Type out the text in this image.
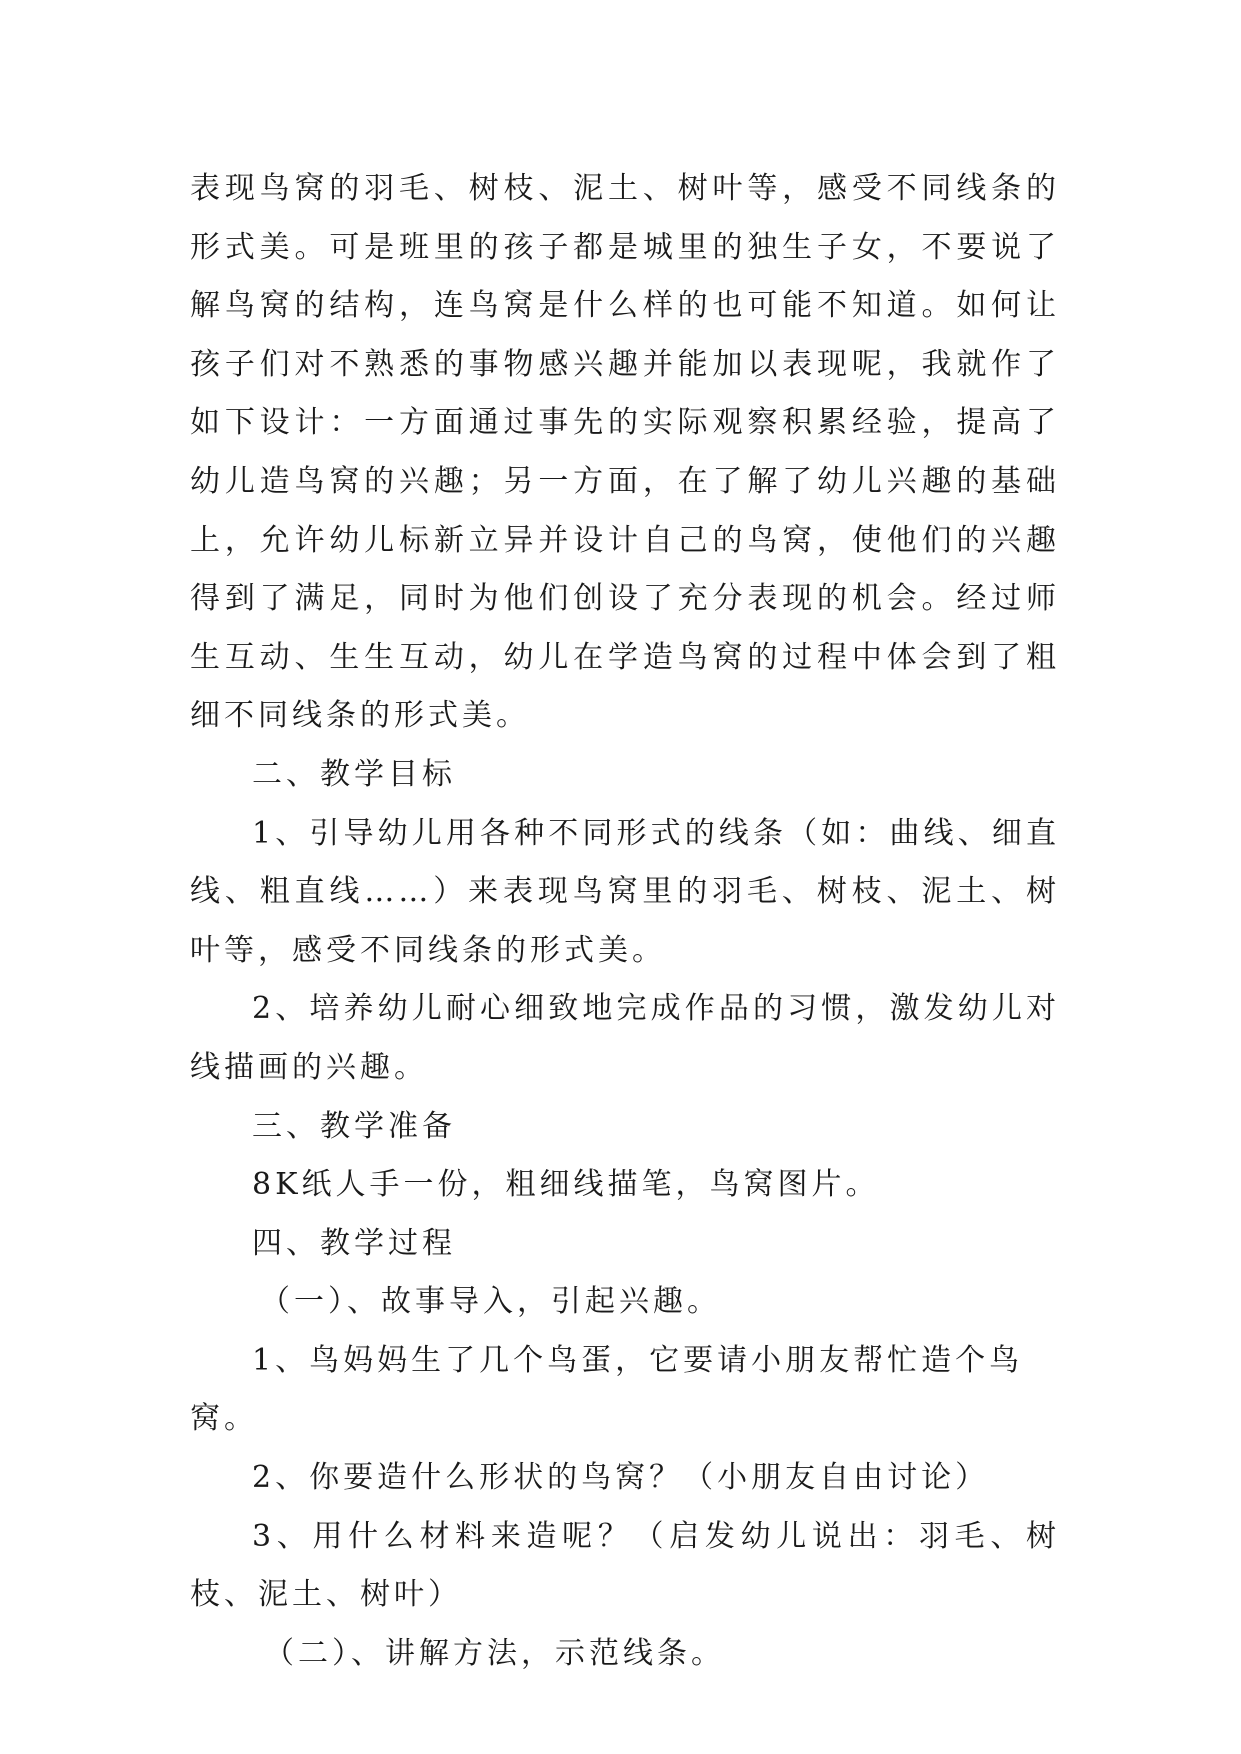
表现鸟窝的羽毛、树枝、泥土、树叶等，感受不同线条的形式美。可是班里的孩子都是城里的独生子女，不要说了解鸟窝的结构，连鸟窝是什么样的也可能不知道。如何让孩子们对不熟悉的事物感兴趣并能加以表现呢，我就作了如下设计：一方面通过事先的实际观察积累经验，提高了幼儿造鸟窝的兴趣；另一方面，在了解了幼儿兴趣的基础上，允许幼儿标新立异并设计自己的鸟窝，使他们的兴趣得到了满足，同时为他们创设了充分表现的机会。经过师生互动、生生互动，幼儿在学造鸟窝的过程中体会到了粗细不同线条的形式美。

二、教学目标

1、引导幼儿用各种不同形式的线条（如：曲线、细直线、粗直线……）来表现鸟窝里的羽毛、树枝、泥土、树叶等，感受不同线条的形式美。

2、培养幼儿耐心细致地完成作品的习惯，激发幼儿对线描画的兴趣。

三、教学准备

8K纸人手一份，粗细线描笔，鸟窝图片。

四、教学过程

（一）、故事导入，引起兴趣。

1、鸟妈妈生了几个鸟蛋，它要请小朋友帮忙造个鸟窝。

2、你要造什么形状的鸟窝？（小朋友自由讨论）

3、用什么材料来造呢？（启发幼儿说出：羽毛、树枝、泥土、树叶）

（二）、讲解方法，示范线条。
